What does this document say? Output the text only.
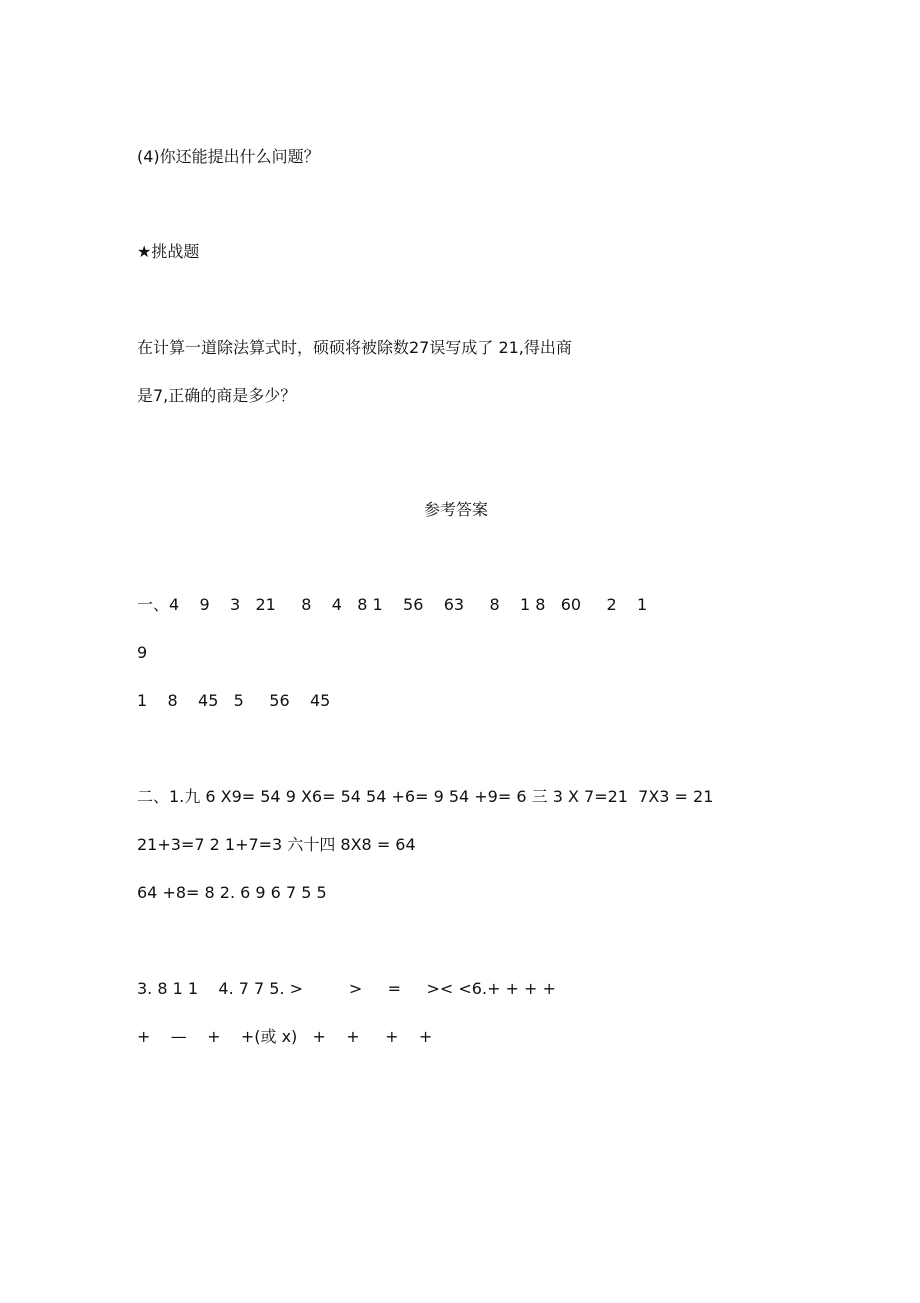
(4)你还能提出什么问题？
★挑战题
在计算一道除法算式时，硕硕将被除数27误写成了 21,得出商
是7,正确的商是多少？
参考答案
一、4    9    3   21     8    4   8 1    56    63     8    1 8   60     2    1
9
1    8    45   5     56    45
二、1.九 6 X9= 54 9 X6= 54 54 +6= 9 54 +9= 6 三 3 X 7=21  7X3 = 21
21+3=7 2 1+7=3 六十四 8X8 = 64
64 +8= 8 2. 6 9 6 7 5 5
3. 8 1 1    4. 7 7 5. >         >     =     >< <6.+ + + +
+    —    +    +(或 x)   +    +     +    +
